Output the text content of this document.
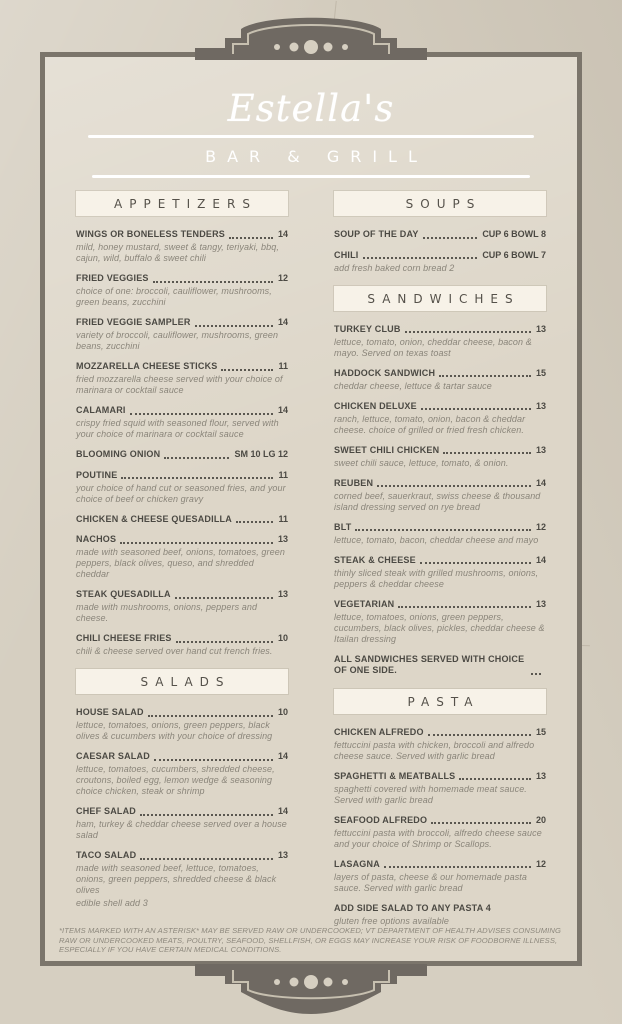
Estella's
BAR & GRILL
APPETIZERS
WINGS OR BONELESS TENDERS	14
mild, honey mustard, sweet & tangy, teriyaki, bbq, cajun, wild, buffalo & sweet chili
FRIED VEGGIES	12
choice of one: broccoli, cauliflower, mushrooms, green beans, zucchini
FRIED VEGGIE SAMPLER	14
variety of broccoli, cauliflower, mushrooms, green beans, zucchini
MOZZARELLA CHEESE STICKS	11
fried mozzarella cheese served with your choice of marinara or cocktail sauce
CALAMARI	14
crispy fried squid with seasoned flour, served with your choice of marinara or cocktail sauce
BLOOMING ONION	SM 10 LG 12
POUTINE	11
your choice of hand cut or seasoned fries, and your choice of beef or chicken gravy
CHICKEN & CHEESE QUESADILLA	11
NACHOS	13
made with seasoned beef, onions, tomatoes, green peppers, black olives, queso, and shredded cheddar
STEAK QUESADILLA	13
made with mushrooms, onions, peppers and cheese.
CHILI CHEESE FRIES	10
chili & cheese served over hand cut french fries.
SALADS
HOUSE SALAD	10
lettuce, tomatoes, onions, green peppers, black olives & cucumbers with your choice of dressing
CAESAR SALAD	14
lettuce, tomatoes, cucumbers, shredded cheese, croutons, boiled egg, lemon wedge & seasoning choice chicken, steak or shrimp
CHEF SALAD	14
ham, turkey & cheddar cheese served over a house salad
TACO SALAD	13
made with seasoned beef, lettuce, tomatoes, onions, green peppers, shredded cheese & black olives
edible shell add 3
SOUPS
SOUP OF THE DAY	CUP 6 BOWL 8
CHILI	CUP 6 BOWL 7
add fresh baked corn bread 2
SANDWICHES
TURKEY CLUB	13
lettuce, tomato, onion, cheddar cheese, bacon & mayo. Served on texas toast
HADDOCK SANDWICH	15
cheddar cheese, lettuce & tartar sauce
CHICKEN DELUXE	13
ranch, lettuce, tomato, onion, bacon & cheddar cheese. choice of grilled or fried fresh chicken.
SWEET CHILI CHICKEN	13
sweet chili sauce, lettuce, tomato, & onion.
REUBEN	14
corned beef, sauerkraut, swiss cheese & thousand island dressing served on rye bread
BLT	12
lettuce, tomato, bacon, cheddar cheese and mayo
STEAK & CHEESE	14
thinly sliced steak with grilled mushrooms, onions, peppers & cheddar cheese
VEGETARIAN	13
lettuce, tomatoes, onions, green peppers, cucumbers, black olives, pickles, cheddar cheese & Itailan dressing
ALL SANDWICHES SERVED WITH CHOICE OF ONE SIDE.
PASTA
CHICKEN ALFREDO	15
fettuccini pasta with chicken, broccoli and alfredo cheese sauce. Served with garlic bread
SPAGHETTI & MEATBALLS	13
spaghetti covered with homemade meat sauce. Served with garlic bread
SEAFOOD ALFREDO	20
fettuccini pasta with broccoli, alfredo cheese sauce and your choice of Shrimp or Scallops.
LASAGNA	12
layers of pasta, cheese & our homemade pasta sauce. Served with garlic bread
ADD SIDE SALAD TO ANY PASTA 4
gluten free options available
*ITEMS MARKED WITH AN ASTERISK* MAY BE SERVED RAW OR UNDERCOOKED; VT DEPARTMENT OF HEALTH ADVISES CONSUMING RAW OR UNDERCOOKED MEATS, POULTRY, SEAFOOD, SHELLFISH, OR EGGS MAY INCREASE YOUR RISK OF FOODBORNE ILLNESS, ESPECIALLY IF YOU HAVE CERTAIN MEDICAL CONDITIONS.
